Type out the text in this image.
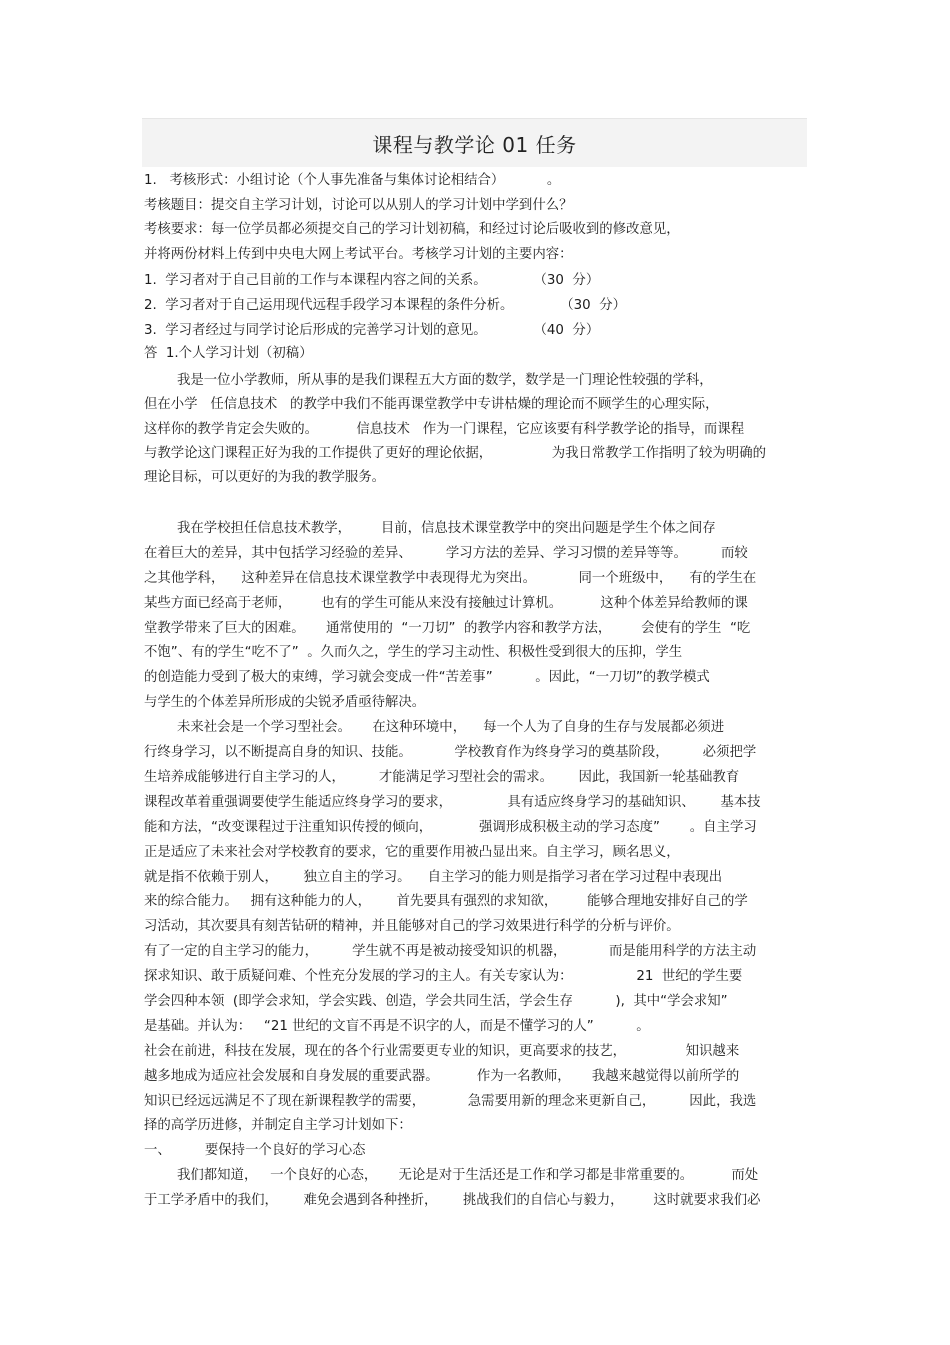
课程与教学论 01 任务
1.   考核形式：小组讨论（个人事先准备与集体讨论相结合）          。
考核题目：提交自主学习计划，讨论可以从别人的学习计划中学到什么？
考核要求：每一位学员都必须提交自己的学习计划初稿，和经过讨论后吸收到的修改意见，
并将两份材料上传到中央电大网上考试平台。考核学习计划的主要内容：
1.  学习者对于自己目前的工作与本课程内容之间的关系。           （30  分）
2.  学习者对于自己运用现代远程手段学习本课程的条件分析。           （30  分）
3.  学习者经过与同学讨论后形成的完善学习计划的意见。           （40  分）
答  1.个人学习计划（初稿）
我是一位小学教师，所从事的是我们课程五大方面的数学，数学是一门理论性较强的学科，
但在小学   任信息技术   的教学中我们不能再课堂教学中专讲枯燥的理论而不顾学生的心理实际，
这样你的教学肯定会失败的。         信息技术   作为一门课程，它应该要有科学教学论的指导，而课程
与教学论这门课程正好为我的工作提供了更好的理论依据，              为我日常教学工作指明了较为明确的
理论目标，可以更好的为我的教学服务。
我在学校担任信息技术教学，       目前，信息技术课堂教学中的突出问题是学生个体之间存
在着巨大的差异，其中包括学习经验的差异、        学习方法的差异、学习习惯的差异等等。        而较
之其他学科，    这种差异在信息技术课堂教学中表现得尤为突出。          同一个班级中，    有的学生在
某些方面已经高于老师，       也有的学生可能从来没有接触过计算机。         这种个体差异给教师的课
堂教学带来了巨大的困难。     通常使用的  “一刀切”  的教学内容和教学方法，       会使有的学生  “吃
不饱”、有的学生“吃不了”  。久而久之，学生的学习主动性、积极性受到很大的压抑，学生
的创造能力受到了极大的束缚，学习就会变成一件“苦差事”          。因此，“一刀切”的教学模式
与学生的个体差异所形成的尖锐矛盾亟待解决。
未来社会是一个学习型社会。     在这种环境中，    每一个人为了自身的生存与发展都必须进
行终身学习，以不断提高自身的知识、技能。          学校教育作为终身学习的奠基阶段，        必须把学
生培养成能够进行自主学习的人，        才能满足学习型社会的需求。      因此，我国新一轮基础教育
课程改革着重强调要使学生能适应终身学习的要求，             具有适应终身学习的基础知识、      基本技
能和方法，“改变课程过于注重知识传授的倾向，           强调形成积极主动的学习态度”       。自主学习
正是适应了未来社会对学校教育的要求，它的重要作用被凸显出来。自主学习，顾名思义，
就是指不依赖于别人，      独立自主的学习。    自主学习的能力则是指学习者在学习过程中表现出
来的综合能力。   拥有这种能力的人，      首先要具有强烈的求知欲，       能够合理地安排好自己的学
习活动，其次要具有刻苦钻研的精神，并且能够对自己的学习效果进行科学的分析与评价。
有了一定的自主学习的能力，        学生就不再是被动接受知识的机器，          而是能用科学的方法主动
探求知识、敢于质疑问难、个性充分发展的学习的主人。有关专家认为：               21  世纪的学生要
学会四种本领  (即学会求知，学会实践、创造，学会共同生活，学会生存          ),  其中“学会求知”
是基础。并认为：   “21 世纪的文盲不再是不识字的人，而是不懂学习的人”          。
社会在前进，科技在发展，现在的各个行业需要更专业的知识，更高要求的技艺，              知识越来
越多地成为适应社会发展和自身发展的重要武器。         作为一名教师，     我越来越觉得以前所学的
知识已经远远满足不了现在新课程教学的需要，          急需要用新的理念来更新自己，        因此，我选
择的高学历进修，并制定自主学习计划如下：
一、        要保持一个良好的学习心态
我们都知道，   一个良好的心态，     无论是对于生活还是工作和学习都是非常重要的。         而处
于工学矛盾中的我们，      难免会遇到各种挫折，      挑战我们的自信心与毅力，       这时就要求我们必
